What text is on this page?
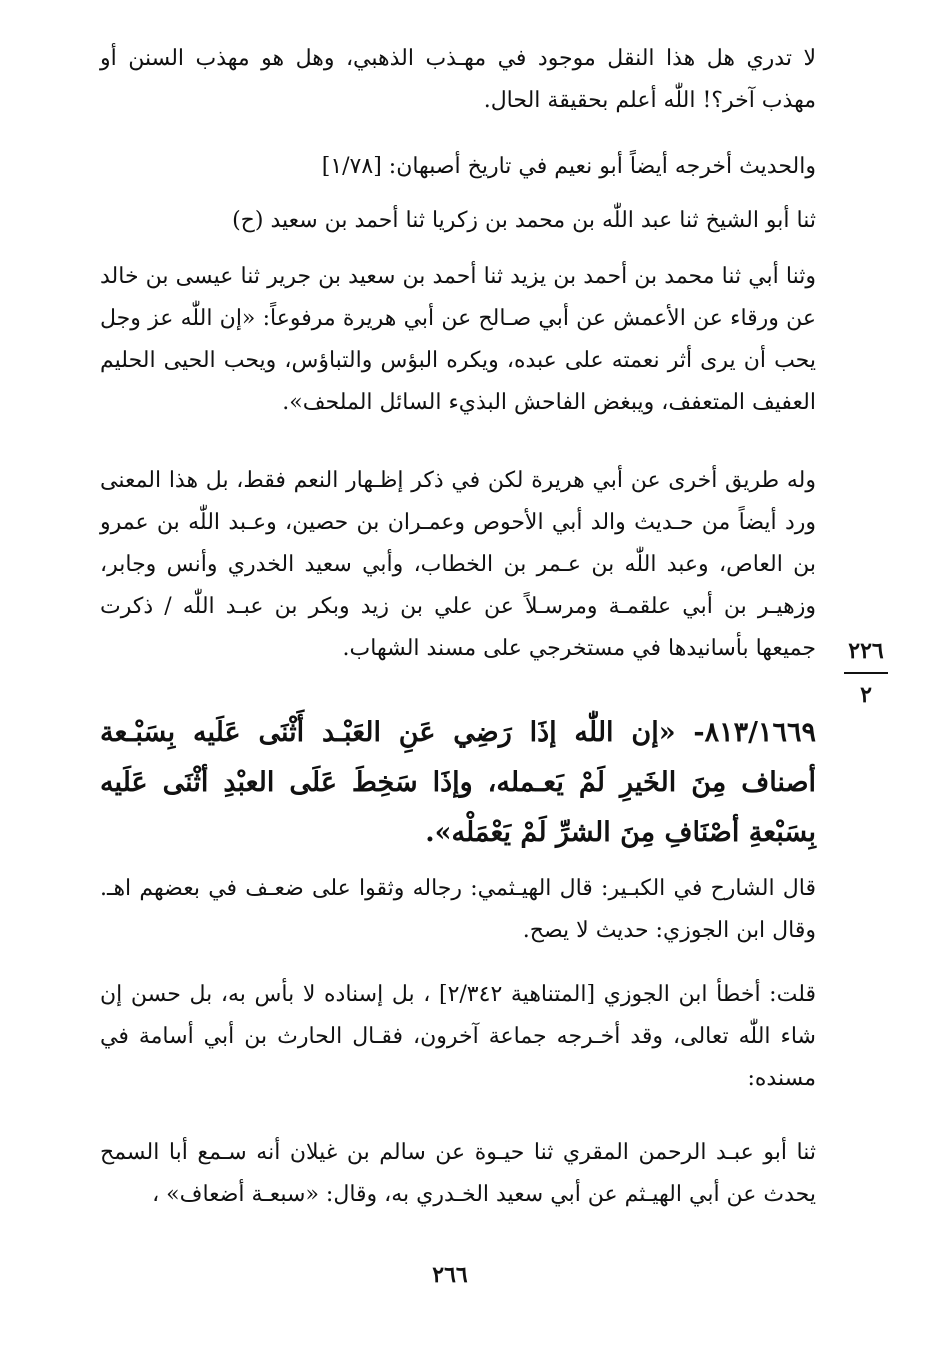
لا تدري هل هذا النقل موجود في مهـذب الذهبي، وهل هو مهذب السنن أو مهذب آخر؟! اللّٰه أعلم بحقيقة الحال.
والحديث أخرجه أيضاً أبو نعيم في تاريخ أصبهان: [١/٧٨]
ثنا أبو الشيخ ثنا عبد اللّٰه بن محمد بن زكريا ثنا أحمد بن سعيد (ح)
وثنا أبي ثنا محمد بن أحمد بن يزيد ثنا أحمد بن سعيد بن جرير ثنا عيسى بن خالد عن ورقاء عن الأعمش عن أبي صـالح عن أبي هريرة مرفوعاً: «إن اللّٰه عز وجل يحب أن يرى أثر نعمته على عبده، ويكره البؤس والتباؤس، ويحب الحيى الحليم العفيف المتعفف، ويبغض الفاحش البذيء السائل الملحف».
وله طريق أخرى عن أبي هريرة لكن في ذكر إظـهار النعم فقط، بل هذا المعنى ورد أيضاً من حـديث والد أبي الأحوص وعمـران بن حصين، وعـبد اللّٰه بن عمرو بن العاص، وعبد اللّٰه بن عـمر بن الخطاب، وأبي سعيد الخدري وأنس وجابر، وزهيـر بن أبي علقمـة ومرسـلاً عن علي بن زيد وبكر بن عبـد اللّٰه / ذكرت جميعها بأسانيدها في مستخرجي على مسند الشهاب.	٢٢٦
٢
٨١٣/١٦٦٩- «إن اللّٰه إذَا رَضِي عَنِ العَبْـد أَثْنَى عَلَيه بِسَبْـعة أصناف مِنَ الخَيرِ لَمْ يَعـمله، وإذَا سَخِطَ عَلَى العبْدِ أثْنَى عَلَيه بِسَبْعةِ أصْنَافِ مِنَ الشرِّ لَمْ يَعْمَلْه».
قال الشارح في الكبـير: قال الهيـثمي: رجاله وثقوا على ضعـف في بعضهم اهـ. وقال ابن الجوزي: حديث لا يصح.
قلت: أخطأ ابن الجوزي [المتناهية ٢/٣٤٢] ، بل إسناده لا بأس به، بل حسن إن شاء اللّٰه تعالى، وقد أخـرجه جماعة آخرون، فقـال الحارث بن أبي أسامة في مسنده:
ثنا أبو عبـد الرحمن المقري ثنا حيـوة عن سالم بن غيلان أنه سـمع أبا السمح يحدث عن أبي الهيـثم عن أبي سعيد الخـدري به، وقال: «سبعـة أضعاف» ،
٢٦٦
